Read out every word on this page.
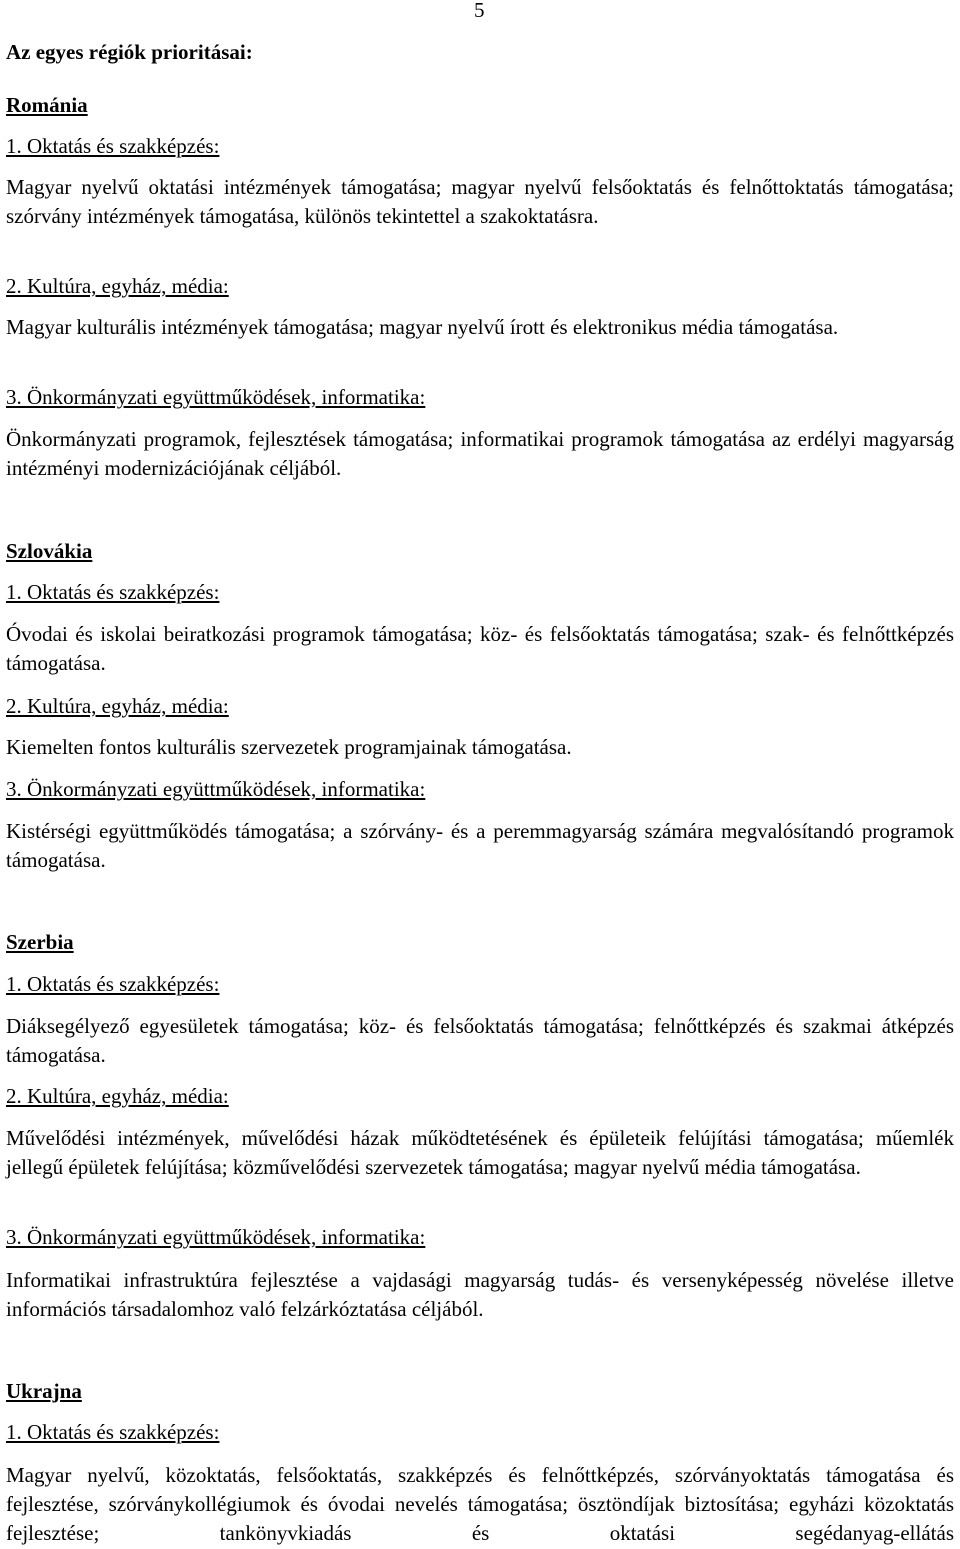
5
Az egyes régiók prioritásai:
Románia
1. Oktatás és szakképzés:

Magyar nyelvű oktatási intézmények támogatása; magyar nyelvű felsőoktatás és felnőttoktatás támogatása; szórvány intézmények támogatása, különös tekintettel a szakoktatásra.

2. Kultúra, egyház, média:

Magyar kulturális intézmények támogatása; magyar nyelvű írott és elektronikus média támogatása.

3. Önkormányzati együttműködések, informatika:

Önkormányzati programok, fejlesztések támogatása; informatikai programok támogatása az erdélyi magyarság intézményi modernizációjának céljából.

Szlovákia
1. Oktatás és szakképzés:

Óvodai és iskolai beiratkozási programok támogatása; köz- és felsőoktatás támogatása; szak- és felnőttképzés támogatása.

2. Kultúra, egyház, média:

Kiemelten fontos kulturális szervezetek programjainak támogatása.

3. Önkormányzati együttműködések, informatika:

Kistérségi együttműködés támogatása; a szórvány- és a peremmagyarság számára megvalósítandó programok támogatása.

Szerbia
1. Oktatás és szakképzés:

Diáksegélyező egyesületek támogatása; köz- és felsőoktatás támogatása; felnőttképzés és szakmai átképzés támogatása.

2. Kultúra, egyház, média:

Művelődési intézmények, művelődési házak működtetésének és épületeik felújítási támogatása; műemlék jellegű épületek felújítása; közművelődési szervezetek támogatása; magyar nyelvű média támogatása.

3. Önkormányzati együttműködések, informatika:

Informatikai infrastruktúra fejlesztése a vajdasági magyarság tudás- és versenyképesség növelése illetve információs társadalomhoz való felzárkóztatása céljából.

Ukrajna
1. Oktatás és szakképzés:

Magyar nyelvű, közoktatás, felsőoktatás, szakképzés és felnőttképzés, szórványoktatás támogatása és fejlesztése, szórványkollégiumok és óvodai nevelés támogatása; ösztöndíjak biztosítása; egyházi közoktatás fejlesztése; tankönyvkiadás és oktatási segédanyag-ellátás
